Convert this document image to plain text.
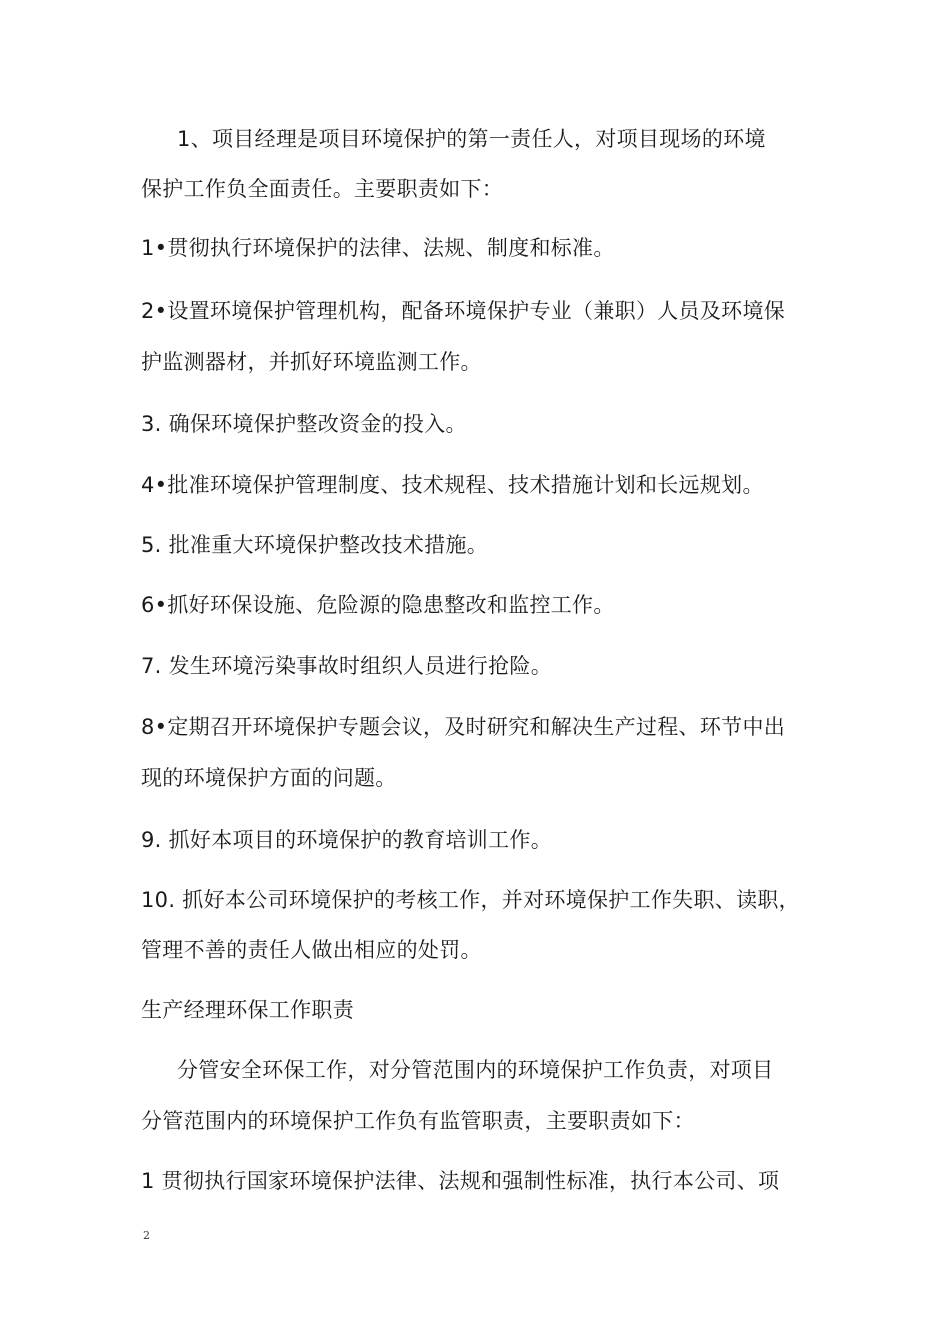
1、项目经理是项目环境保护的第一责任人，对项目现场的环境
保护工作负全面责任。主要职责如下：
1•贯彻执行环境保护的法律、法规、制度和标准。
2•设置环境保护管理机构，配备环境保护专业（兼职）人员及环境保
护监测器材，并抓好环境监测工作。
3. 确保环境保护整改资金的投入。
4•批准环境保护管理制度、技术规程、技术措施计划和长远规划。
5. 批准重大环境保护整改技术措施。
6•抓好环保设施、危险源的隐患整改和监控工作。
7. 发生环境污染事故时组织人员进行抢险。
8•定期召开环境保护专题会议，及时研究和解决生产过程、环节中出
现的环境保护方面的问题。
9. 抓好本项目的环境保护的教育培训工作。
10. 抓好本公司环境保护的考核工作，并对环境保护工作失职、读职，
管理不善的责任人做出相应的处罚。
生产经理环保工作职责
分管安全环保工作，对分管范围内的环境保护工作负责，对项目
分管范围内的环境保护工作负有监管职责，主要职责如下：
1 贯彻执行国家环境保护法律、法规和强制性标准，执行本公司、项
2
